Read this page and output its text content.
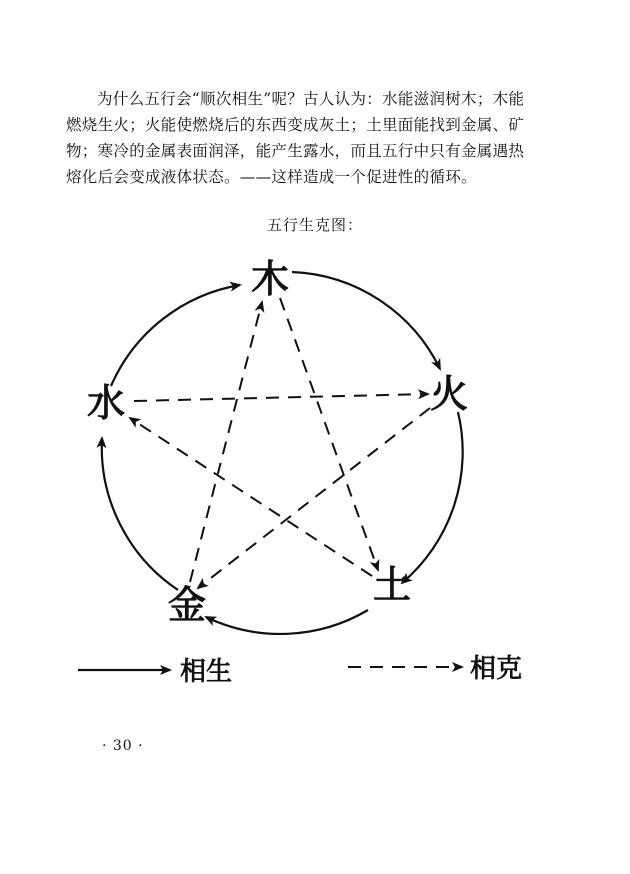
为什么五行会“顺次相生”呢？古人认为：水能滋润树木；木能燃烧生火；火能使燃烧后的东西变成灰土；土里面能找到金属、矿物；寒冷的金属表面润泽，能产生露水，而且五行中只有金属遇热熔化后会变成液体状态。——这样造成一个促进性的循环。

五行生克图：
木
火
土
金
水
相生	相克
· 30 ·
